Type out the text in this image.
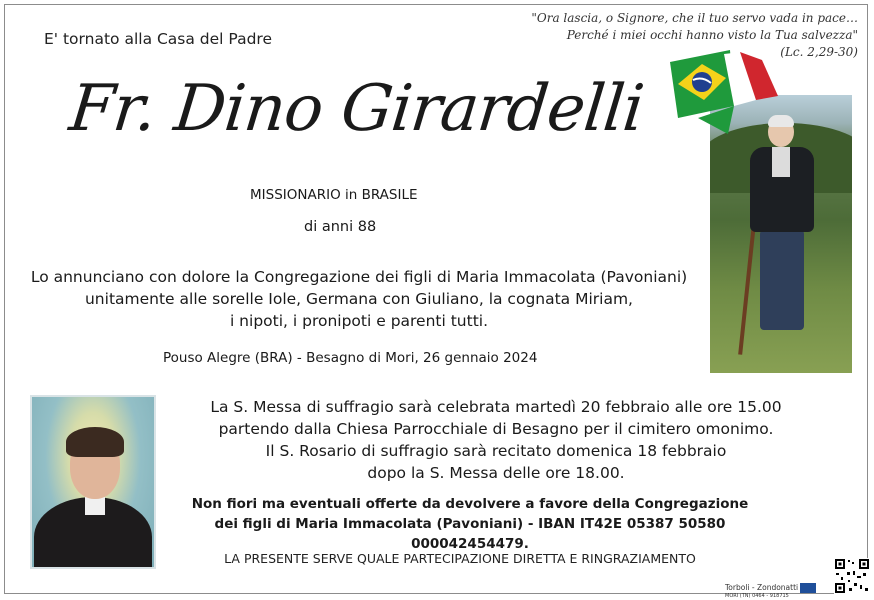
E' tornato alla Casa del Padre
"Ora lascia, o Signore, che il tuo servo vada in pace…
Perché i miei occhi hanno visto la Tua salvezza"
(Lc. 2,29-30)
Fr. Dino Girardelli
MISSIONARIO in BRASILE
di anni 88
Lo annunciano con dolore la Congregazione dei figli di Maria Immacolata (Pavoniani)
unitamente alle sorelle Iole, Germana con Giuliano, la cognata Miriam,
i nipoti, i pronipoti e parenti tutti.
Pouso Alegre (BRA) - Besagno di Mori, 26 gennaio 2024
La S. Messa di suffragio sarà celebrata martedì 20 febbraio alle ore 15.00
partendo dalla Chiesa Parrocchiale di Besagno per il cimitero omonimo.
Il S. Rosario di suffragio sarà recitato domenica 18 febbraio
dopo la S. Messa delle ore 18.00.
Non fiori ma eventuali offerte da devolvere a favore della Congregazione
dei figli di Maria Immacolata (Pavoniani) - IBAN IT42E 05387 50580 000042454479.
LA PRESENTE SERVE QUALE PARTECIPAZIONE DIRETTA E RINGRAZIAMENTO
Torboli - Zondonatti
MORI (TN) 0464 - 918715
